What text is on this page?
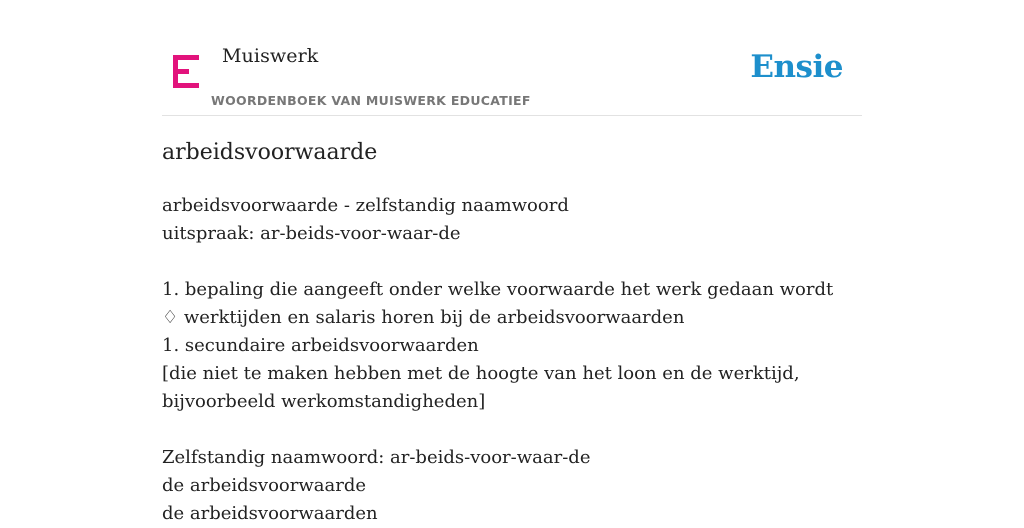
Muiswerk
WOORDENBOEK VAN MUISWERK EDUCATIEF
Ensie
arbeidsvoorwaarde
arbeidsvoorwaarde - zelfstandig naamwoord
uitspraak: ar-beids-voor-waar-de
1. bepaling die aangeeft onder welke voorwaarde het werk gedaan wordt
♢ werktijden en salaris horen bij de arbeidsvoorwaarden
1. secundaire arbeidsvoorwaarden
[die niet te maken hebben met de hoogte van het loon en de werktijd,
bijvoorbeeld werkomstandigheden]
Zelfstandig naamwoord: ar-beids-voor-waar-de
de arbeidsvoorwaarde
de arbeidsvoorwaarden
